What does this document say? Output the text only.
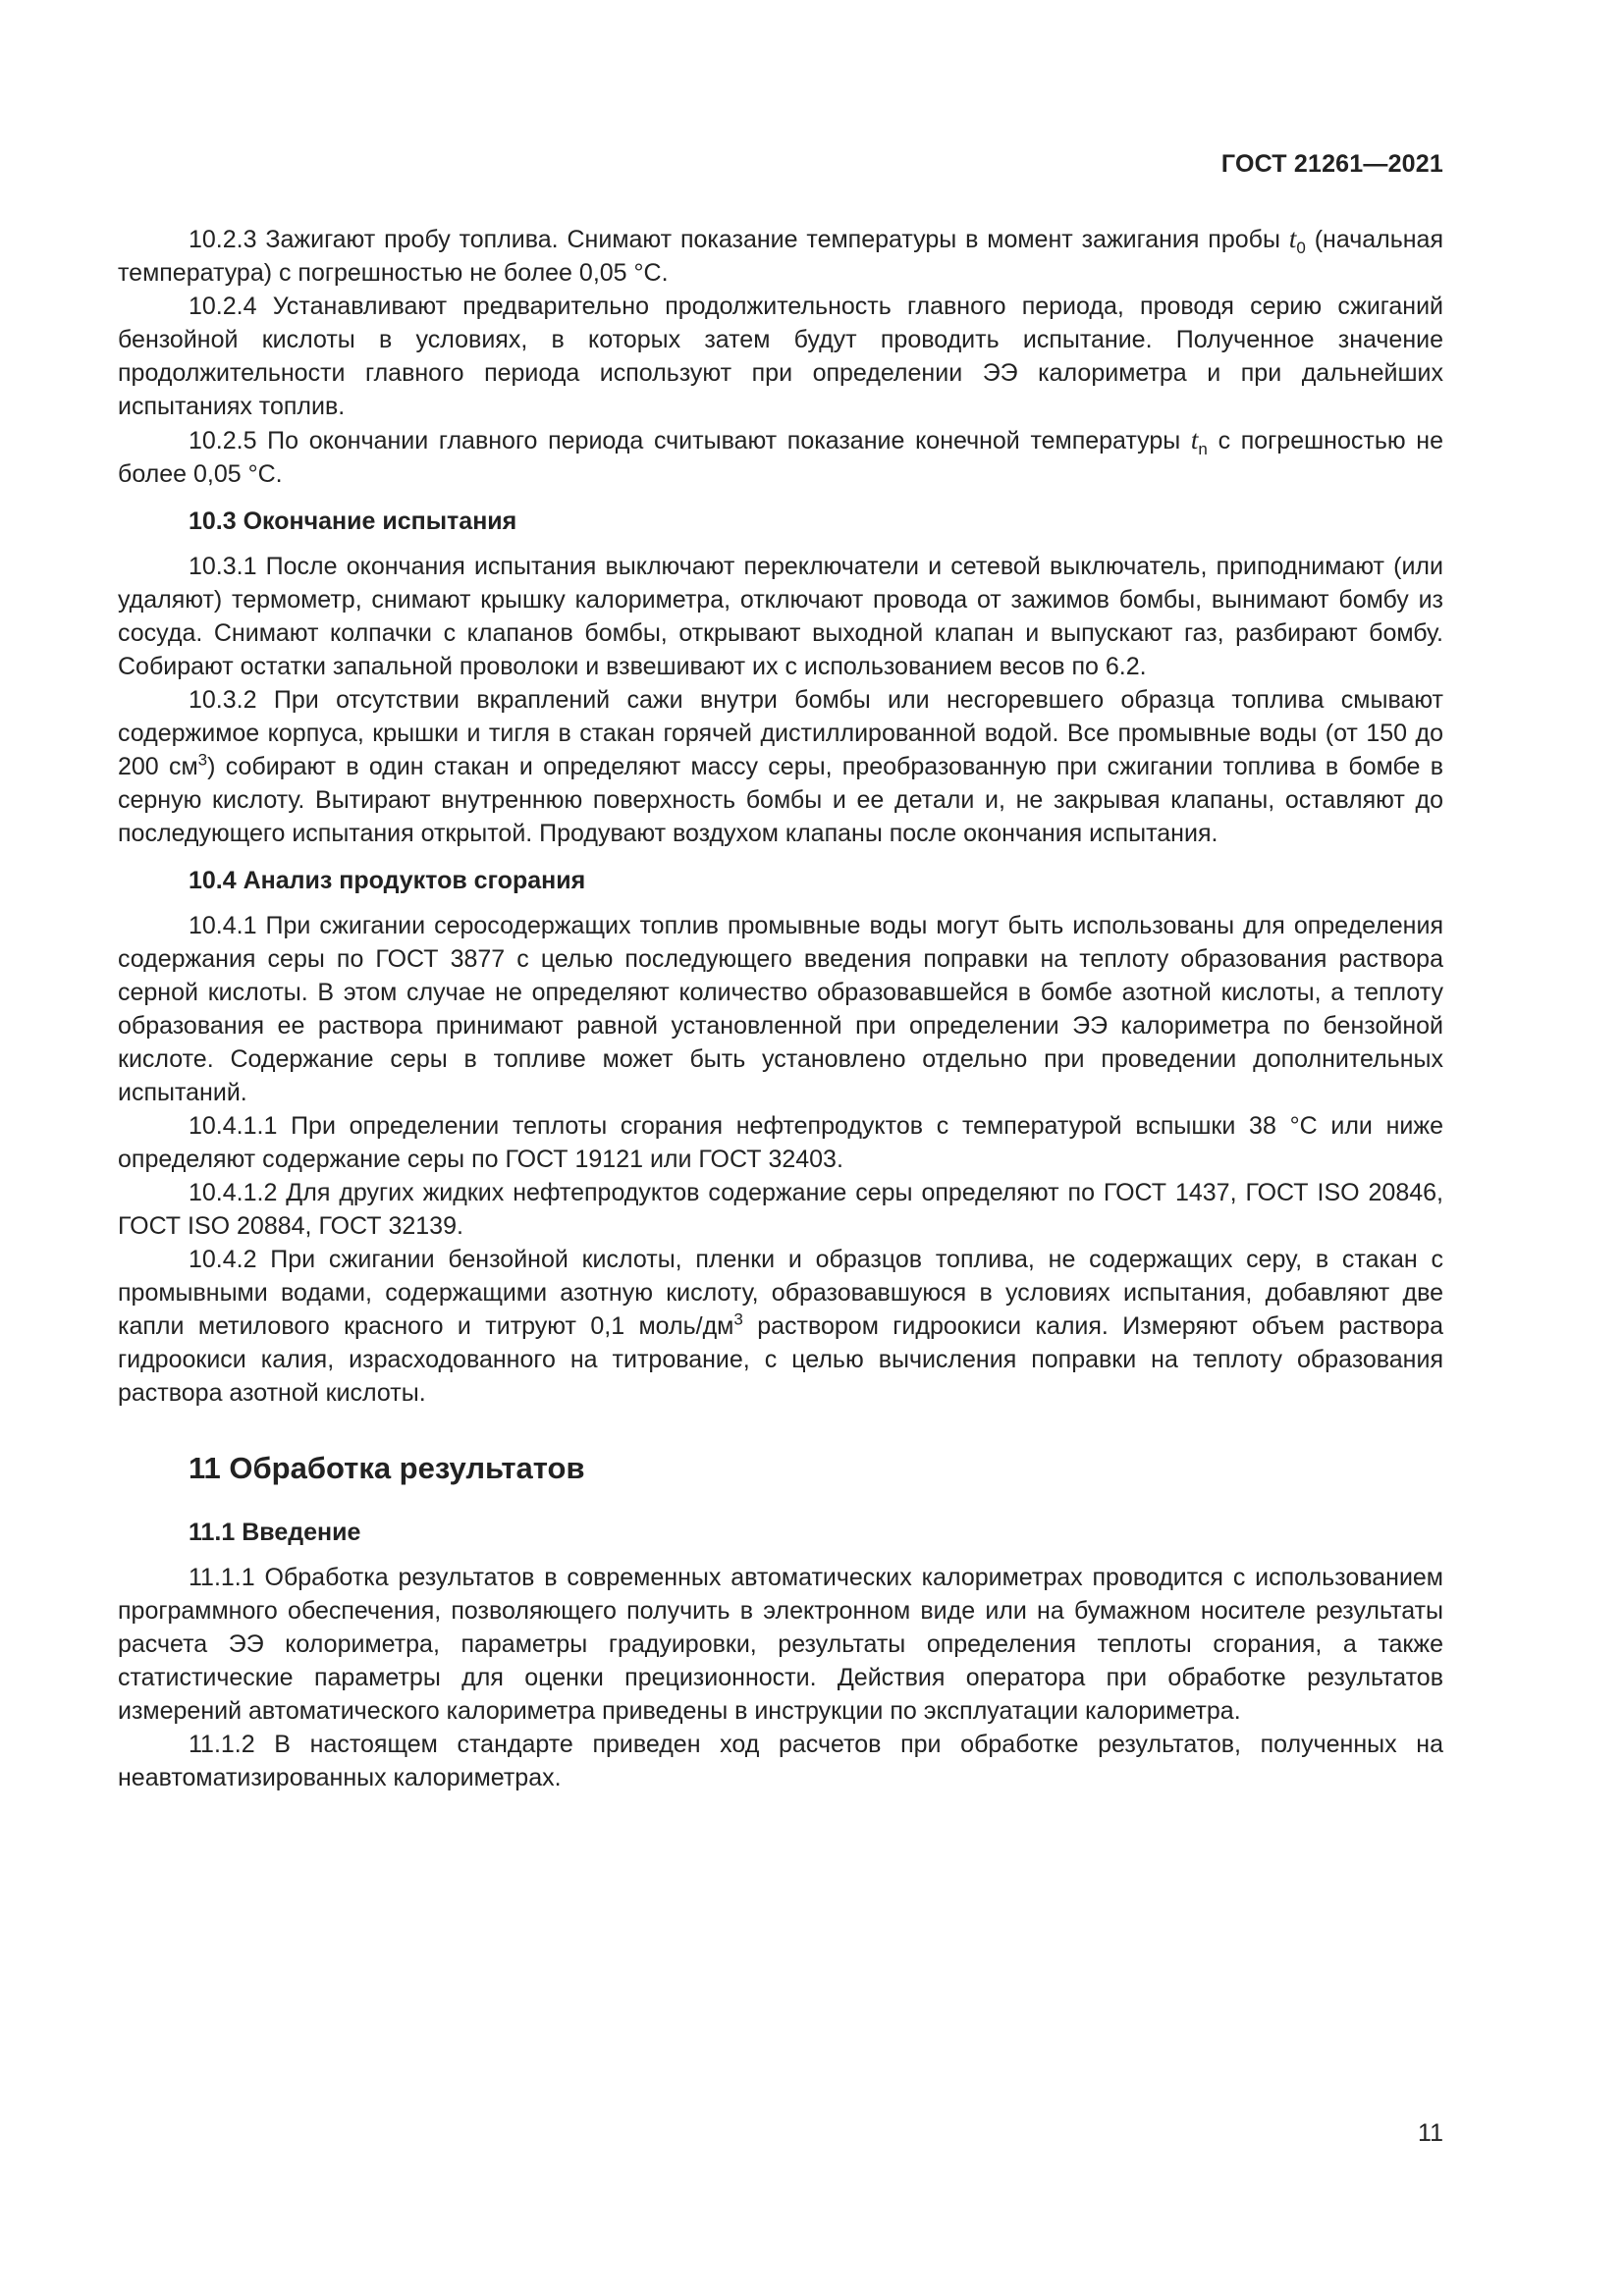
ГОСТ 21261—2021

10.2.3 Зажигают пробу топлива. Снимают показание температуры в момент зажигания пробы $t_0$ (начальная температура) с погрешностью не более 0,05 °С.

10.2.4 Устанавливают предварительно продолжительность главного периода, проводя серию сжиганий бензойной кислоты в условиях, в которых затем будут проводить испытание. Полученное значение продолжительности главного периода используют при определении ЭЭ калориметра и при дальнейших испытаниях топлив.

10.2.5 По окончании главного периода считывают показание конечной температуры $t_n$ с погрешностью не более 0,05 °С.

10.3 Окончание испытания

10.3.1 После окончания испытания выключают переключатели и сетевой выключатель, приподнимают (или удаляют) термометр, снимают крышку калориметра, отключают провода от зажимов бомбы, вынимают бомбу из сосуда. Снимают колпачки с клапанов бомбы, открывают выходной клапан и выпускают газ, разбирают бомбу. Собирают остатки запальной проволоки и взвешивают их с использованием весов по 6.2.

10.3.2 При отсутствии вкраплений сажи внутри бомбы или несгоревшего образца топлива смывают содержимое корпуса, крышки и тигля в стакан горячей дистиллированной водой. Все промывные воды (от 150 до 200 $см^3$) собирают в один стакан и определяют массу серы, преобразованную при сжигании топлива в бомбе в серную кислоту. Вытирают внутреннюю поверхность бомбы и ее детали и, не закрывая клапаны, оставляют до последующего испытания открытой. Продувают воздухом клапаны после окончания испытания.

10.4 Анализ продуктов сгорания

10.4.1 При сжигании серосодержащих топлив промывные воды могут быть использованы для определения содержания серы по ГОСТ 3877 с целью последующего введения поправки на теплоту образования раствора серной кислоты. В этом случае не определяют количество образовавшейся в бомбе азотной кислоты, а теплоту образования ее раствора принимают равной установленной при определении ЭЭ калориметра по бензойной кислоте. Содержание серы в топливе может быть установлено отдельно при проведении дополнительных испытаний.

10.4.1.1 При определении теплоты сгорания нефтепродуктов с температурой вспышки 38 °С или ниже определяют содержание серы по ГОСТ 19121 или ГОСТ 32403.

10.4.1.2 Для других жидких нефтепродуктов содержание серы определяют по ГОСТ 1437, ГОСТ ISO 20846, ГОСТ ISO 20884, ГОСТ 32139.

10.4.2 При сжигании бензойной кислоты, пленки и образцов топлива, не содержащих серу, в стакан с промывными водами, содержащими азотную кислоту, образовавшуюся в условиях испытания, добавляют две капли метилового красного и титруют 0,1 моль/$дм^3$ раствором гидроокиси калия. Измеряют объем раствора гидроокиси калия, израсходованного на титрование, с целью вычисления поправки на теплоту образования раствора азотной кислоты.

11 Обработка результатов
11.1 Введение

11.1.1 Обработка результатов в современных автоматических калориметрах проводится с использованием программного обеспечения, позволяющего получить в электронном виде или на бумажном носителе результаты расчета ЭЭ колориметра, параметры градуировки, результаты определения теплоты сгорания, а также статистические параметры для оценки прецизионности. Действия оператора при обработке результатов измерений автоматического калориметра приведены в инструкции по эксплуатации калориметра.

11.1.2 В настоящем стандарте приведен ход расчетов при обработке результатов, полученных на неавтоматизированных калориметрах.

11
